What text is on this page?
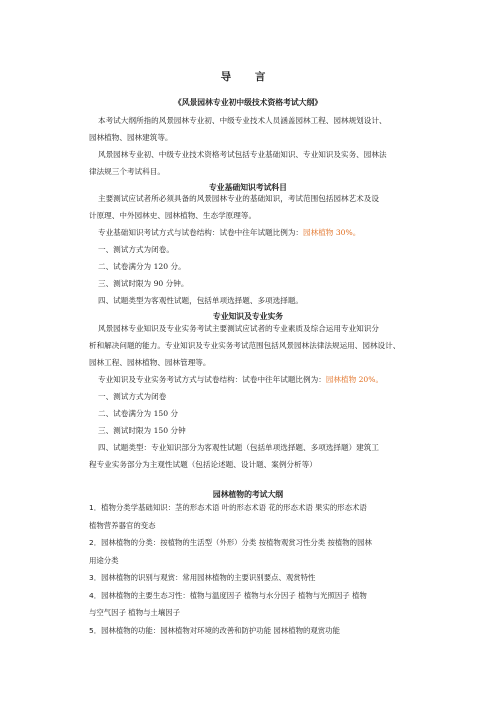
导 言
《风景园林专业初中级技术资格考试大纲》
本考试大纲所指的风景园林专业初、中级专业技术人员涵盖园林工程、园林规划设计、
园林植物、园林建筑等。
风景园林专业初、中级专业技术资格考试包括专业基础知识、专业知识及实务、园林法
律法规三个考试科目。
专业基础知识考试科目
主要测试应试者所必须具备的风景园林专业的基础知识，考试范围包括园林艺术及设
计原理、中外园林史、园林植物、生态学原理等。
专业基础知识考试方式与试卷结构：试卷中往年试题比例为：园林植物 30%。
一、测试方式为闭卷。
二、试卷满分为 120 分。
三、测试时限为 90 分钟。
四、试题类型为客观性试题，包括单项选择题、多项选择题。
专业知识及专业实务
风景园林专业知识及专业实务考试主要测试应试者的专业素质及综合运用专业知识分
析和解决问题的能力。专业知识及专业实务考试范围包括风景园林法律法规运用、园林设计、
园林工程、园林植物、园林管理等。
专业知识及专业实务考试方式与试卷结构：试卷中往年试题比例为：园林植物 20%。
一、测试方式为闭卷
二、试卷满分为 150 分
三、测试时限为 150 分钟
四、试题类型：专业知识部分为客观性试题（包括单项选择题、多项选择题）建筑工
程专业实务部分为主观性试题（包括论述题、设计题、案例分析等）
园林植物的考试大纲
1．植物分类学基础知识：茎的形态术语 叶的形态术语 花的形态术语 果实的形态术语
植物营养器官的变态
2．园林植物的分类：按植物的生活型（外形）分类 按植物观赏习性分类 按植物的园林
用途分类
3．园林植物的识别与观赏：常用园林植物的主要识别要点、观赏特性
4．园林植物的主要生态习性：植物与温度因子 植物与水分因子 植物与光照因子 植物
与空气因子 植物与土壤因子
5．园林植物的功能：园林植物对环境的改善和防护功能 园林植物的观赏功能
